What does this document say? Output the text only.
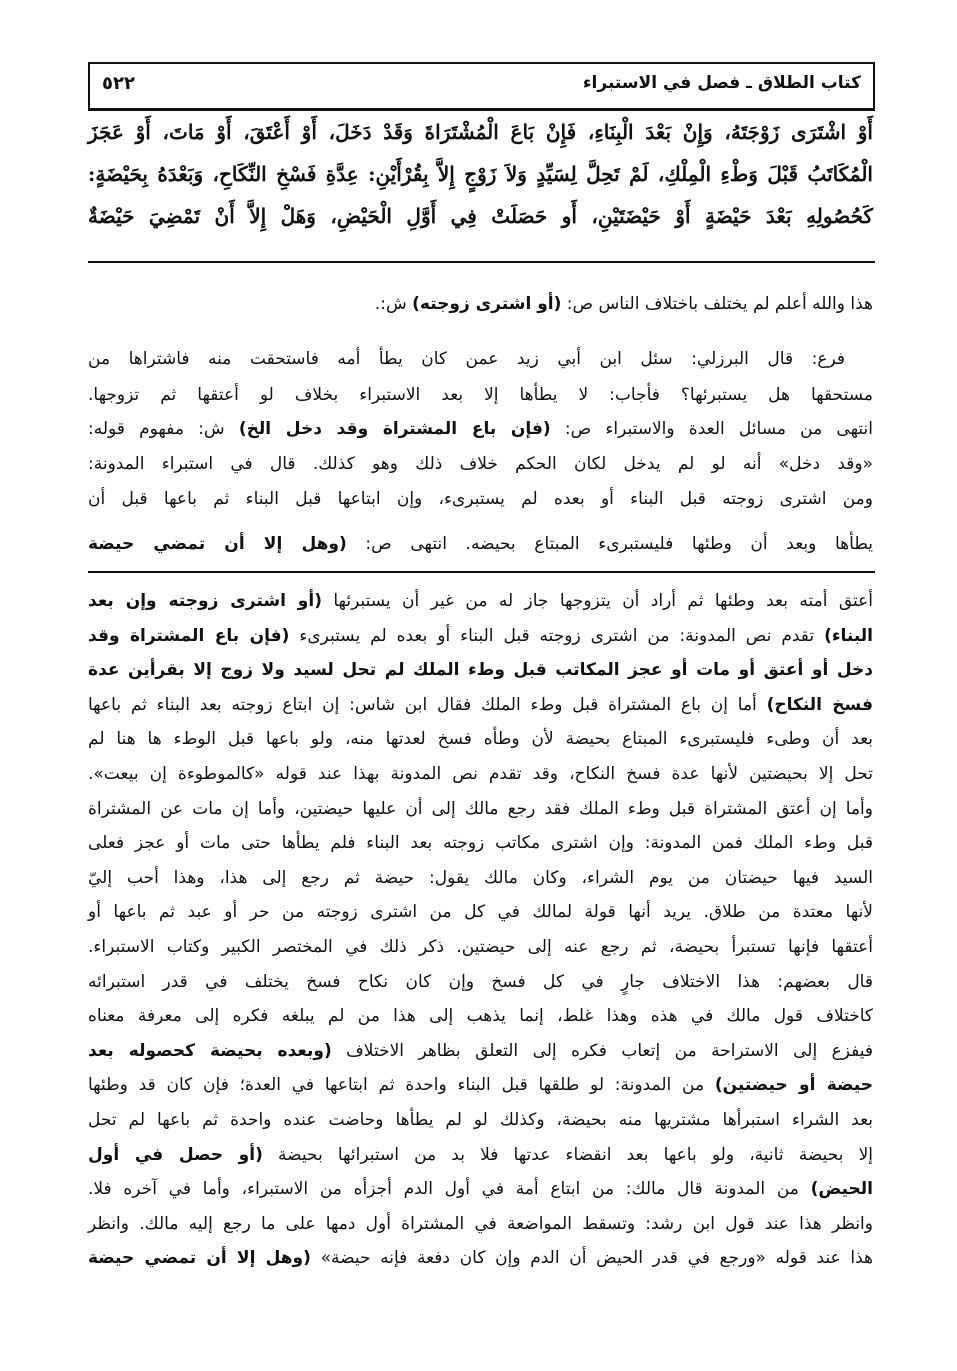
كتاب الطلاق ـ فصل في الاستبراء
٥٢٢
أَوْ اشْتَرَى زَوْجَتَهُ، وَإِنْ بَعْدَ الْبِنَاءِ، فَإِنْ بَاعَ الْمُشْتَرَاةَ وَقَدْ دَخَلَ، أَوْ أَعْتَقَ، أَوْ مَاتَ، أَوْ عَجَزَ
الْمُكَاتَبُ قَبْلَ وَطْءِ الْمِلْكِ، لَمْ تَحِلَّ لِسَيِّدٍ وَلاَ زَوْجٍ إِلاَّ بِقُرْأَيْنِ: عِدَّةِ فَسْخِ النِّكَاحِ، وَبَعْدَهُ بِحَيْضَةٍ:
كَحُصُولِهِ بَعْدَ حَيْضَةٍ أَوْ حَيْضَتَيْنِ، أَو حَصَلَتْ فِي أَوَّلِ الْحَيْضِ، وَهَلْ إِلاَّ أَنْ تَمْضِيَ حَيْضَةٌ
هذا والله أعلم لم يختلف باختلاف الناس ص: (أو اشترى زوجته) ش:.
فرع: قال البرزلي: سئل ابن أبي زيد عمن كان يطأ أمه فاستحقت منه فاشتراها من
مستحقها هل يستبرئها؟ فأجاب: لا يطأها إلا بعد الاستبراء بخلاف لو أعتقها ثم تزوجها.
انتهى من مسائل العدة والاستبراء ص: (فإن باع المشتراة وقد دخل الخ) ش: مفهوم قوله:
«وقد دخل» أنه لو لم يدخل لكان الحكم خلاف ذلك وهو كذلك. قال في استبراء المدونة:
ومن اشترى زوجته قبل البناء أو بعده لم يستبرىء، وإن ابتاعها قبل البناء ثم باعها قبل أن
يطأها وبعد أن وطئها فليستبرىء المبتاع بحيضه. انتهى ص: (وهل إلا أن تمضي حيضة
أعتق أمته بعد وطئها ثم أراد أن يتزوجها جاز له من غير أن يستبرئها (أو اشترى زوجته وإن بعد
البناء) تقدم نص المدونة: من اشترى زوجته قبل البناء أو بعده لم يستبرىء (فإن باع المشتراة وقد
دخل أو أعتق أو مات أو عجز المكاتب قبل وطء الملك لم تحل لسيد ولا زوج إلا بقرأين عدة
فسخ النكاح) أما إن باع المشتراة قبل وطء الملك فقال ابن شاس: إن ابتاع زوجته بعد البناء ثم باعها
بعد أن وطىء فليستبرىء المبتاع بحيضة لأن وطأه فسخ لعدتها منه، ولو باعها قبل الوطء ها هنا لم
تحل إلا بحيضتين لأنها عدة فسخ النكاح، وقد تقدم نص المدونة بهذا عند قوله «كالموطوءة إن بيعت».
وأما إن أعتق المشتراة قبل وطء الملك فقد رجع مالك إلى أن عليها حيضتين، وأما إن مات عن المشتراة
قبل وطء الملك فمن المدونة: وإن اشترى مكاتب زوجته بعد البناء فلم يطأها حتى مات أو عجز فعلى
السيد فيها حيضتان من يوم الشراء، وكان مالك يقول: حيضة ثم رجع إلى هذا، وهذا أحب إليّ
لأنها معتدة من طلاق. يريد أنها قولة لمالك في كل من اشترى زوجته من حر أو عبد ثم باعها أو
أعتقها فإنها تستبرأ بحيضة، ثم رجع عنه إلى حيضتين. ذكر ذلك في المختصر الكبير وكتاب الاستبراء.
قال بعضهم: هذا الاختلاف جارٍ في كل فسخ وإن كان نكاح فسخ يختلف في قدر استبرائه
كاختلاف قول مالك في هذه وهذا غلط، إنما يذهب إلى هذا من لم يبلغه فكره إلى معرفة معناه
فيفزع إلى الاستراحة من إتعاب فكره إلى التعلق بظاهر الاختلاف (وبعده بحيضة كحصوله بعد
حيضة أو حيضتين) من المدونة: لو طلقها قبل البناء واحدة ثم ابتاعها في العدة؛ فإن كان قد وطئها
بعد الشراء استبرأها مشتريها منه بحيضة، وكذلك لو لم يطأها وحاضت عنده واحدة ثم باعها لم تحل
إلا بحيضة ثانية، ولو باعها بعد انقضاء عدتها فلا بد من استبرائها بحيضة (أو حصل في أول
الحيض) من المدونة قال مالك: من ابتاع أمة في أول الدم أجزأه من الاستبراء، وأما في آخره فلا.
وانظر هذا عند قول ابن رشد: وتسقط المواضعة في المشتراة أول دمها على ما رجع إليه مالك. وانظر
هذا عند قوله «ورجع في قدر الحيض أن الدم وإن كان دفعة فإنه حيضة» (وهل إلا أن تمضي حيضة
